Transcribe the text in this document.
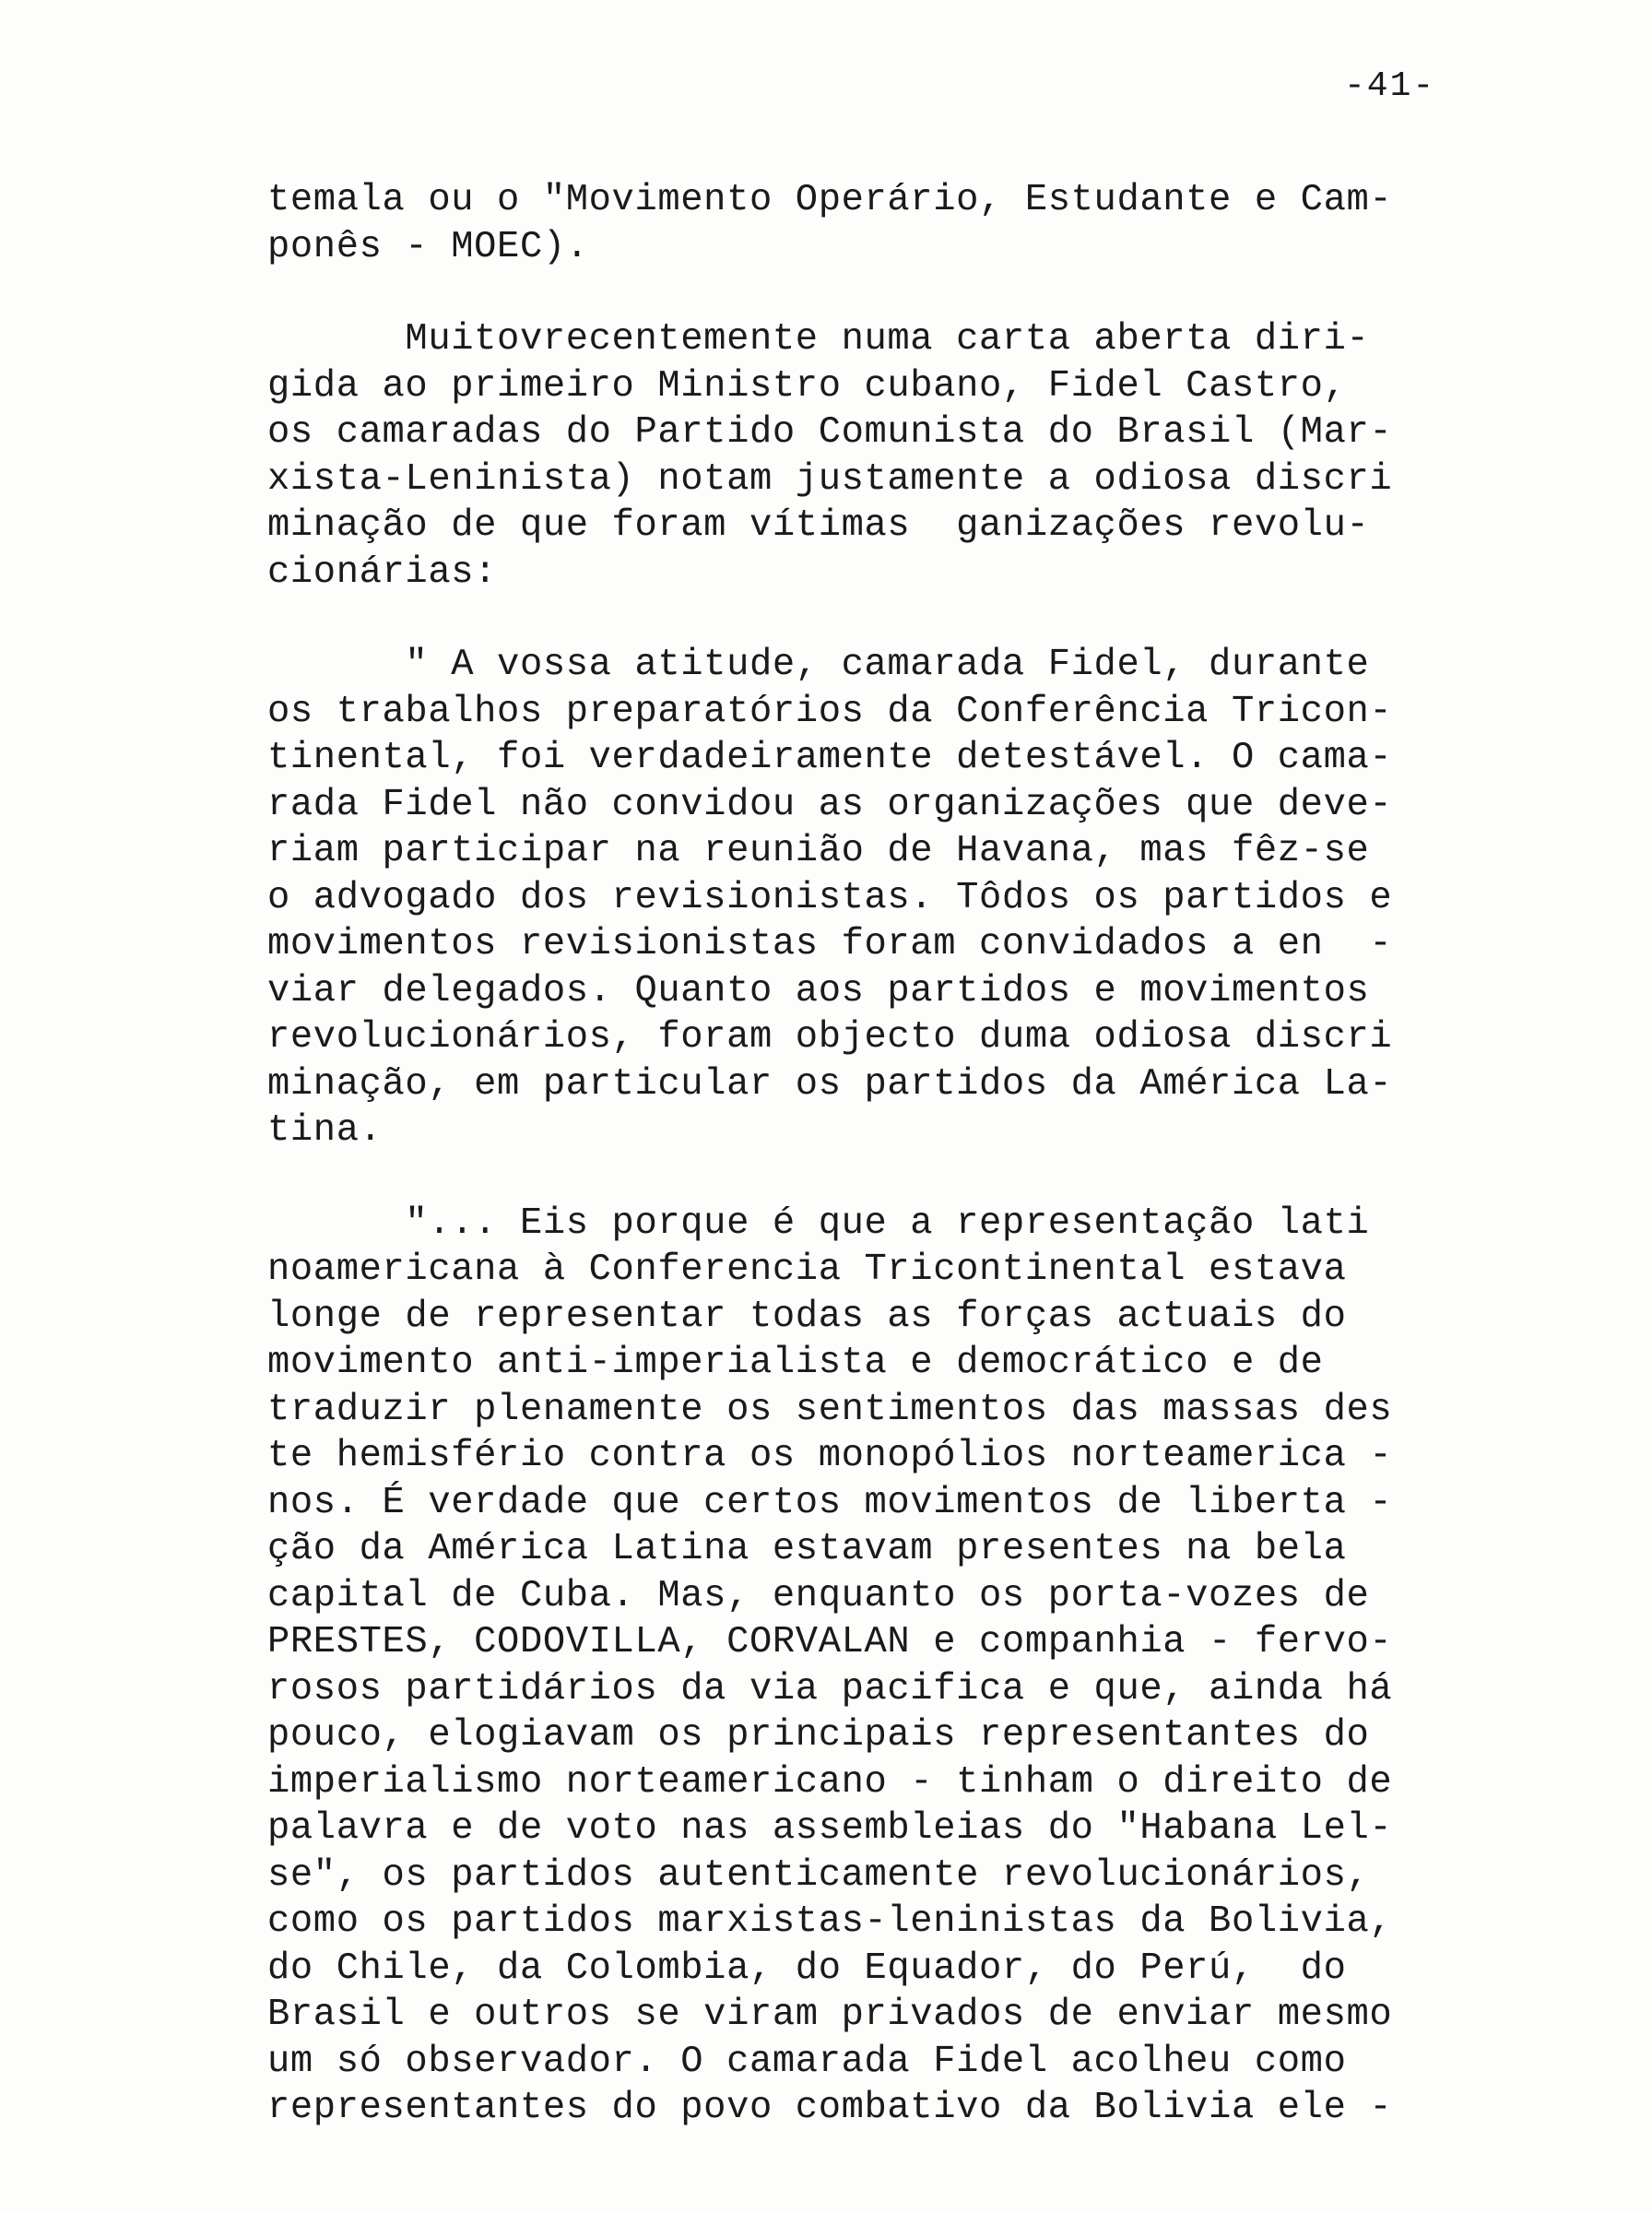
-41-
temala ou o "Movimento Operário, Estudante e Cam-
ponês - MOEC).
Muitovrecentemente numa carta aberta diri-
gida ao primeiro Ministro cubano, Fidel Castro,
os camaradas do Partido Comunista do Brasil (Mar-
xista-Leninista) notam justamente a odiosa discri
minação de que foram vítimas  ganizações revolu-
cionárias:
" A vossa atitude, camarada Fidel, durante
os trabalhos preparatórios da Conferência Tricon-
tinental, foi verdadeiramente detestável. O cama-
rada Fidel não convidou as organizações que deve-
riam participar na reunião de Havana, mas fêz-se
o advogado dos revisionistas. Tôdos os partidos e
movimentos revisionistas foram convidados a en  -
viar delegados. Quanto aos partidos e movimentos
revolucionários, foram objecto duma odiosa discri
minação, em particular os partidos da América La-
tina.
"... Eis porque é que a representação lati
noamericana à Conferencia Tricontinental estava
longe de representar todas as forças actuais do
movimento anti-imperialista e democrático e de
traduzir plenamente os sentimentos das massas des
te hemisfério contra os monopólios norteamerica -
nos. É verdade que certos movimentos de liberta -
ção da América Latina estavam presentes na bela
capital de Cuba. Mas, enquanto os porta-vozes de
PRESTES, CODOVILLA, CORVALAN e companhia - fervo-
rosos partidários da via pacifica e que, ainda há
pouco, elogiavam os principais representantes do
imperialismo norteamericano - tinham o direito de
palavra e de voto nas assembleias do "Habana Lel-
se", os partidos autenticamente revolucionários,
como os partidos marxistas-leninistas da Bolivia,
do Chile, da Colombia, do Equador, do Perú,  do
Brasil e outros se viram privados de enviar mesmo
um só observador. O camarada Fidel acolheu como
representantes do povo combativo da Bolivia ele -
